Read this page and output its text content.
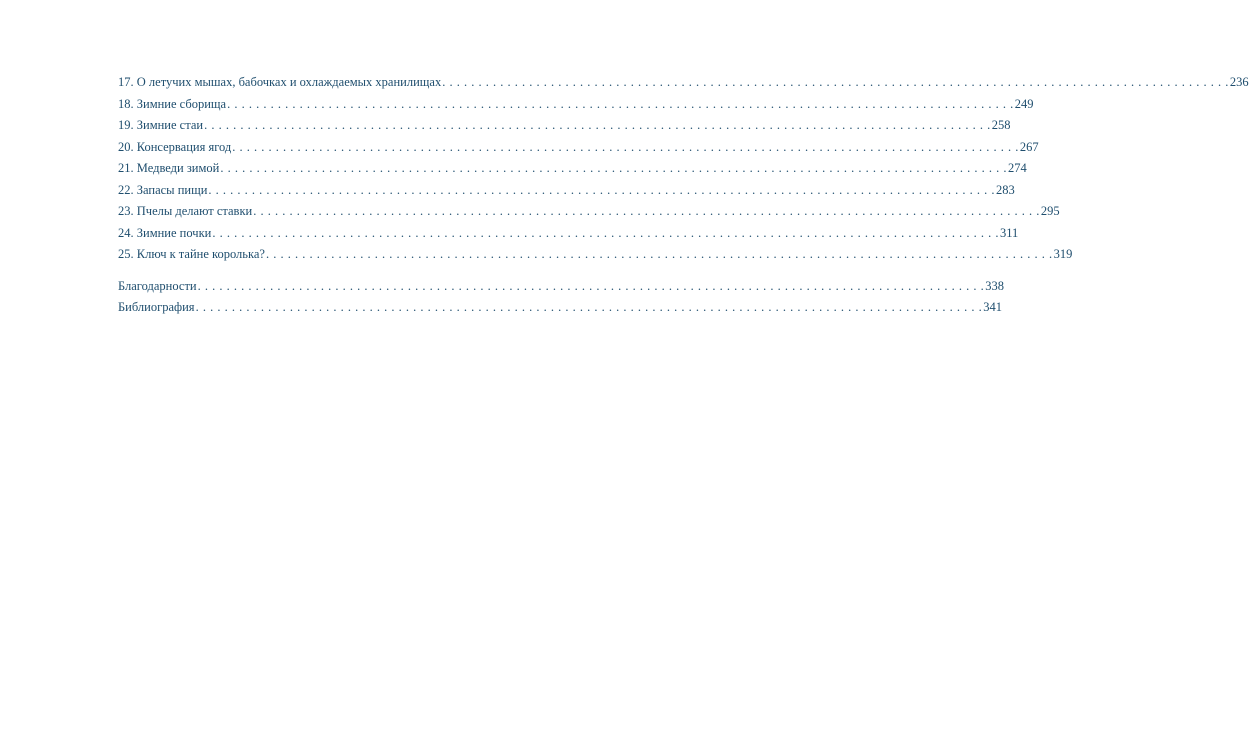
17. О летучих мышах, бабочках и охлаждаемых хранилищах . . . . . . . . . . . . . . . . . . . . . . . . . . . . . . . . . . . . . . . . . . . . . . . . . . . . . . . . . . . . . . . . . . . . . . . . . . . . . . . . . . . . . . . . . . . . . . . . . . . . . . . . . . . . . 236
18. Зимние сборища . . . . . . . . . . . . . . . . . . . . . . . . . . . . . . . . . . . . . . . . . . . . . . . . . . . . . . . . . . . . . . . . . . . . . . . . . . . . . . . . . . . . . . . . . . . . . . . . . . . . . . . . . . . . . 249
19. Зимние стаи . . . . . . . . . . . . . . . . . . . . . . . . . . . . . . . . . . . . . . . . . . . . . . . . . . . . . . . . . . . . . . . . . . . . . . . . . . . . . . . . . . . . . . . . . . . . . . . . . . . . . . . . . . . . . 258
20. Консервация ягод . . . . . . . . . . . . . . . . . . . . . . . . . . . . . . . . . . . . . . . . . . . . . . . . . . . . . . . . . . . . . . . . . . . . . . . . . . . . . . . . . . . . . . . . . . . . . . . . . . . . . . . . . . . . . 267
21. Медведи зимой . . . . . . . . . . . . . . . . . . . . . . . . . . . . . . . . . . . . . . . . . . . . . . . . . . . . . . . . . . . . . . . . . . . . . . . . . . . . . . . . . . . . . . . . . . . . . . . . . . . . . . . . . . . . . 274
22. Запасы пищи . . . . . . . . . . . . . . . . . . . . . . . . . . . . . . . . . . . . . . . . . . . . . . . . . . . . . . . . . . . . . . . . . . . . . . . . . . . . . . . . . . . . . . . . . . . . . . . . . . . . . . . . . . . . . 283
23. Пчелы делают ставки . . . . . . . . . . . . . . . . . . . . . . . . . . . . . . . . . . . . . . . . . . . . . . . . . . . . . . . . . . . . . . . . . . . . . . . . . . . . . . . . . . . . . . . . . . . . . . . . . . . . . . . . . . . . . 295
24. Зимние почки . . . . . . . . . . . . . . . . . . . . . . . . . . . . . . . . . . . . . . . . . . . . . . . . . . . . . . . . . . . . . . . . . . . . . . . . . . . . . . . . . . . . . . . . . . . . . . . . . . . . . . . . . . . . . 311
25. Ключ к тайне королька? . . . . . . . . . . . . . . . . . . . . . . . . . . . . . . . . . . . . . . . . . . . . . . . . . . . . . . . . . . . . . . . . . . . . . . . . . . . . . . . . . . . . . . . . . . . . . . . . . . . . . . . . . . . . . 319
Благодарности . . . . . . . . . . . . . . . . . . . . . . . . . . . . . . . . . . . . . . . . . . . . . . . . . . . . . . . . . . . . . . . . . . . . . . . . . . . . . . . . . . . . . . . . . . . . . . . . . . . . . . . . . . . . . 338
Библиография . . . . . . . . . . . . . . . . . . . . . . . . . . . . . . . . . . . . . . . . . . . . . . . . . . . . . . . . . . . . . . . . . . . . . . . . . . . . . . . . . . . . . . . . . . . . . . . . . . . . . . . . . . . . . 341
